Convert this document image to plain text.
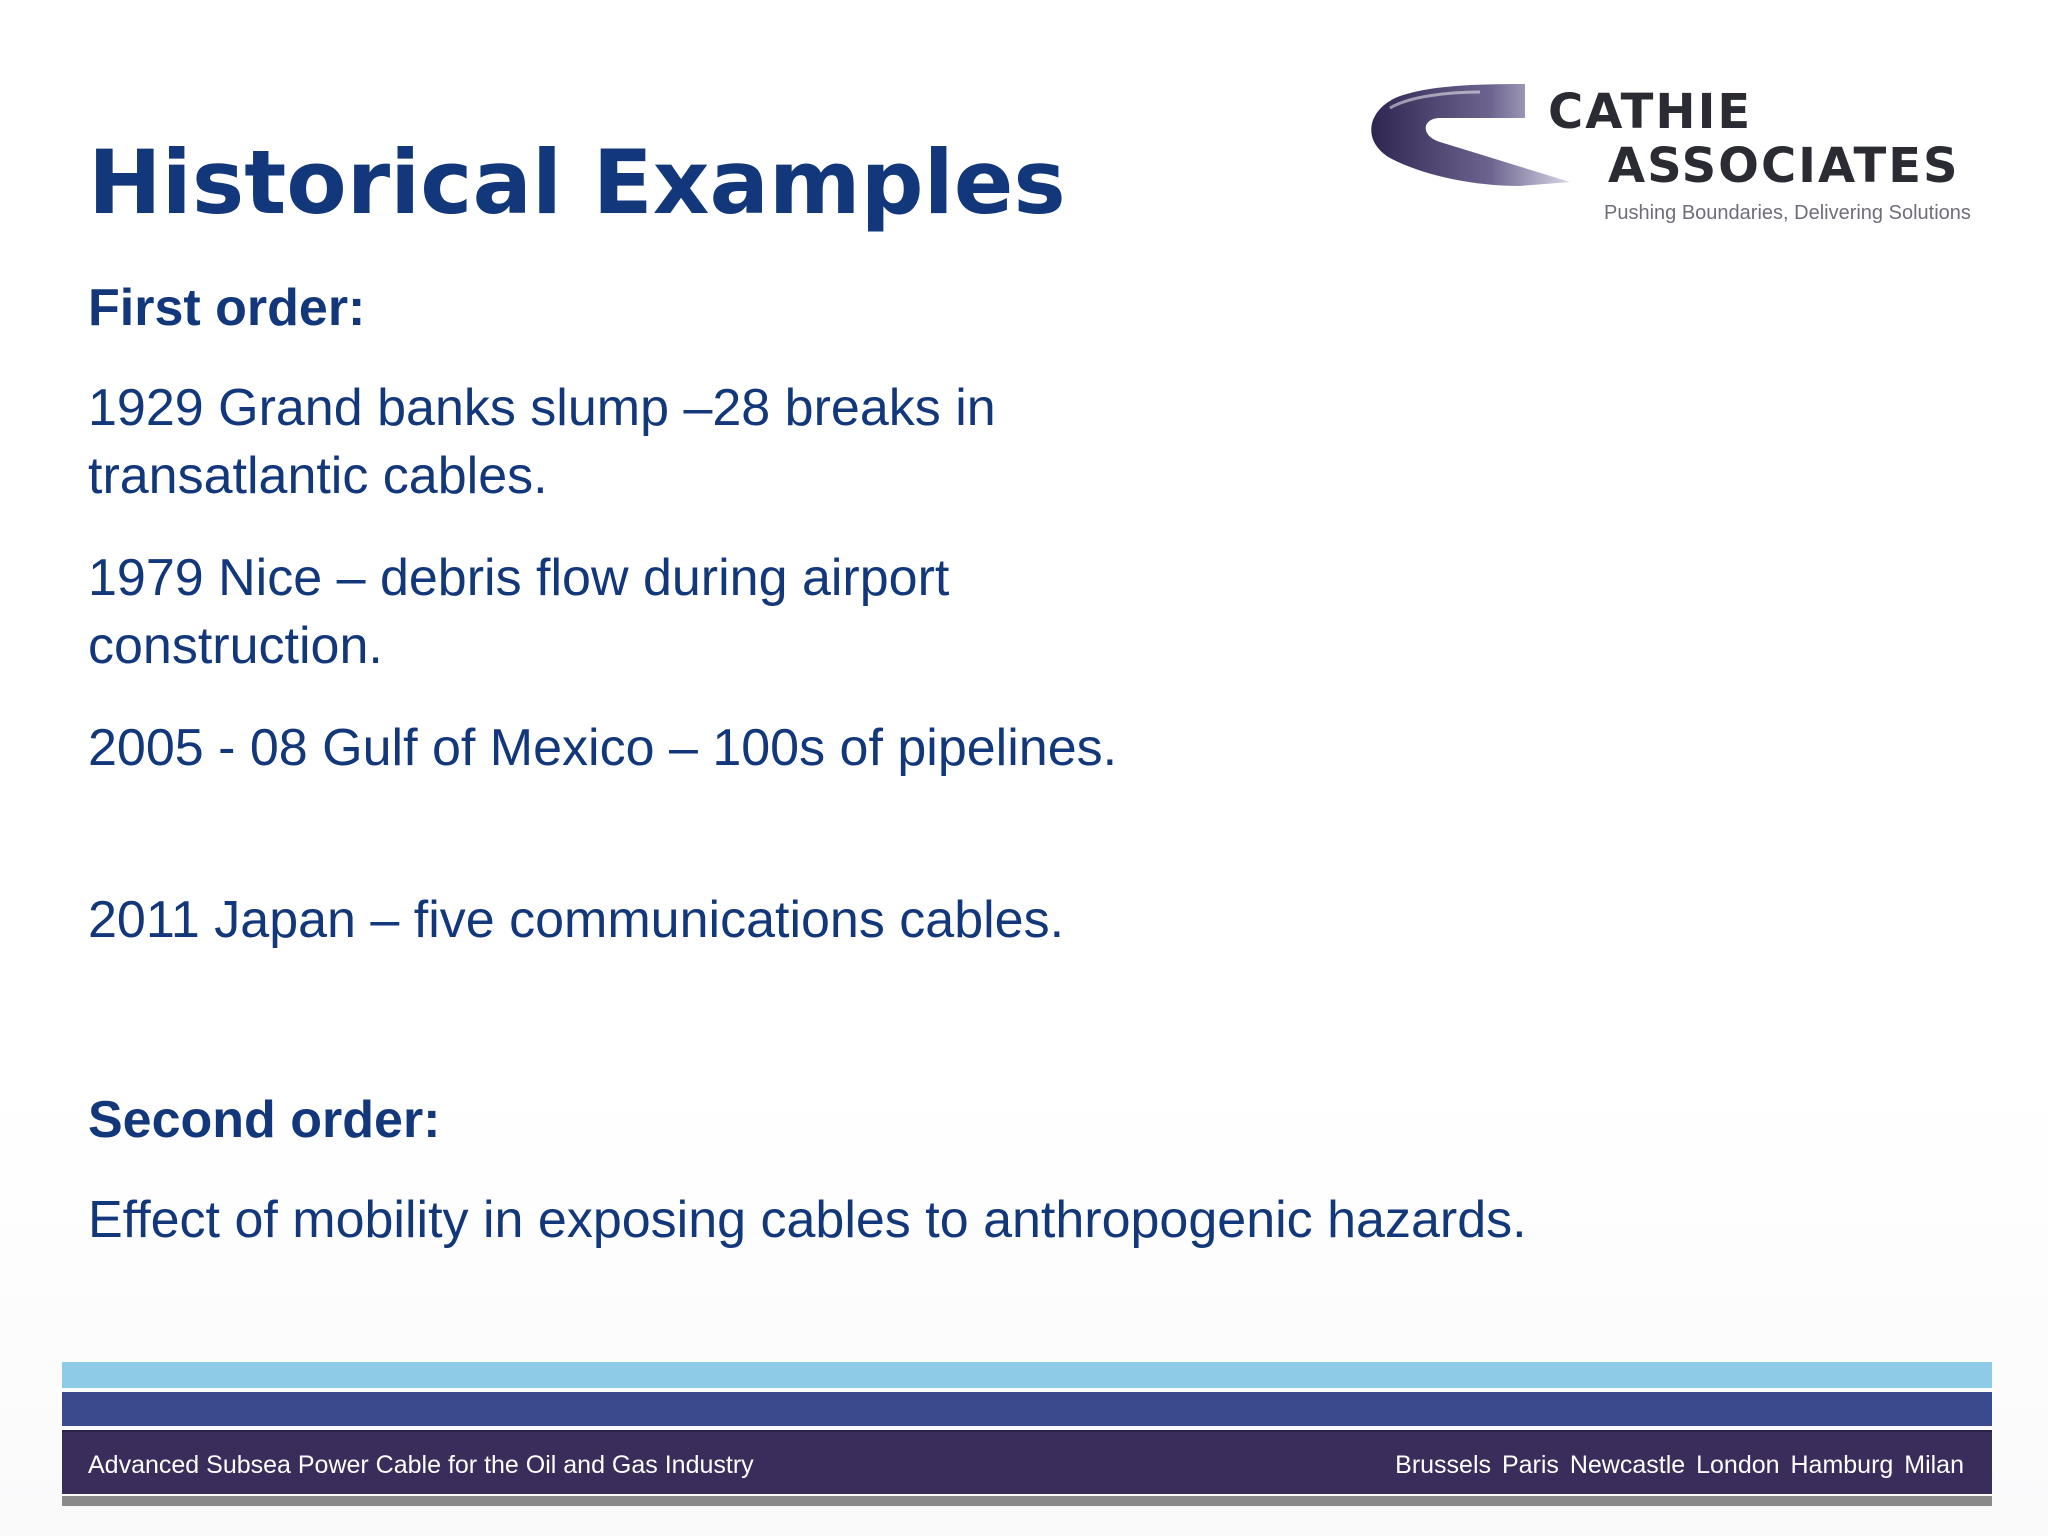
Historical Examples
CATHIE
ASSOCIATES
Pushing Boundaries, Delivering Solutions

First order:

1929 Grand banks slump –28 breaks in transatlantic cables.

1979 Nice – debris flow during airport construction.

2005 - 08 Gulf of Mexico – 100s of pipelines.

2011 Japan – five communications cables.

Second order:

Effect of mobility in exposing cables to anthropogenic hazards.

Advanced Subsea Power Cable for the Oil and Gas Industry	Brussels Paris Newcastle London Hamburg Milan
